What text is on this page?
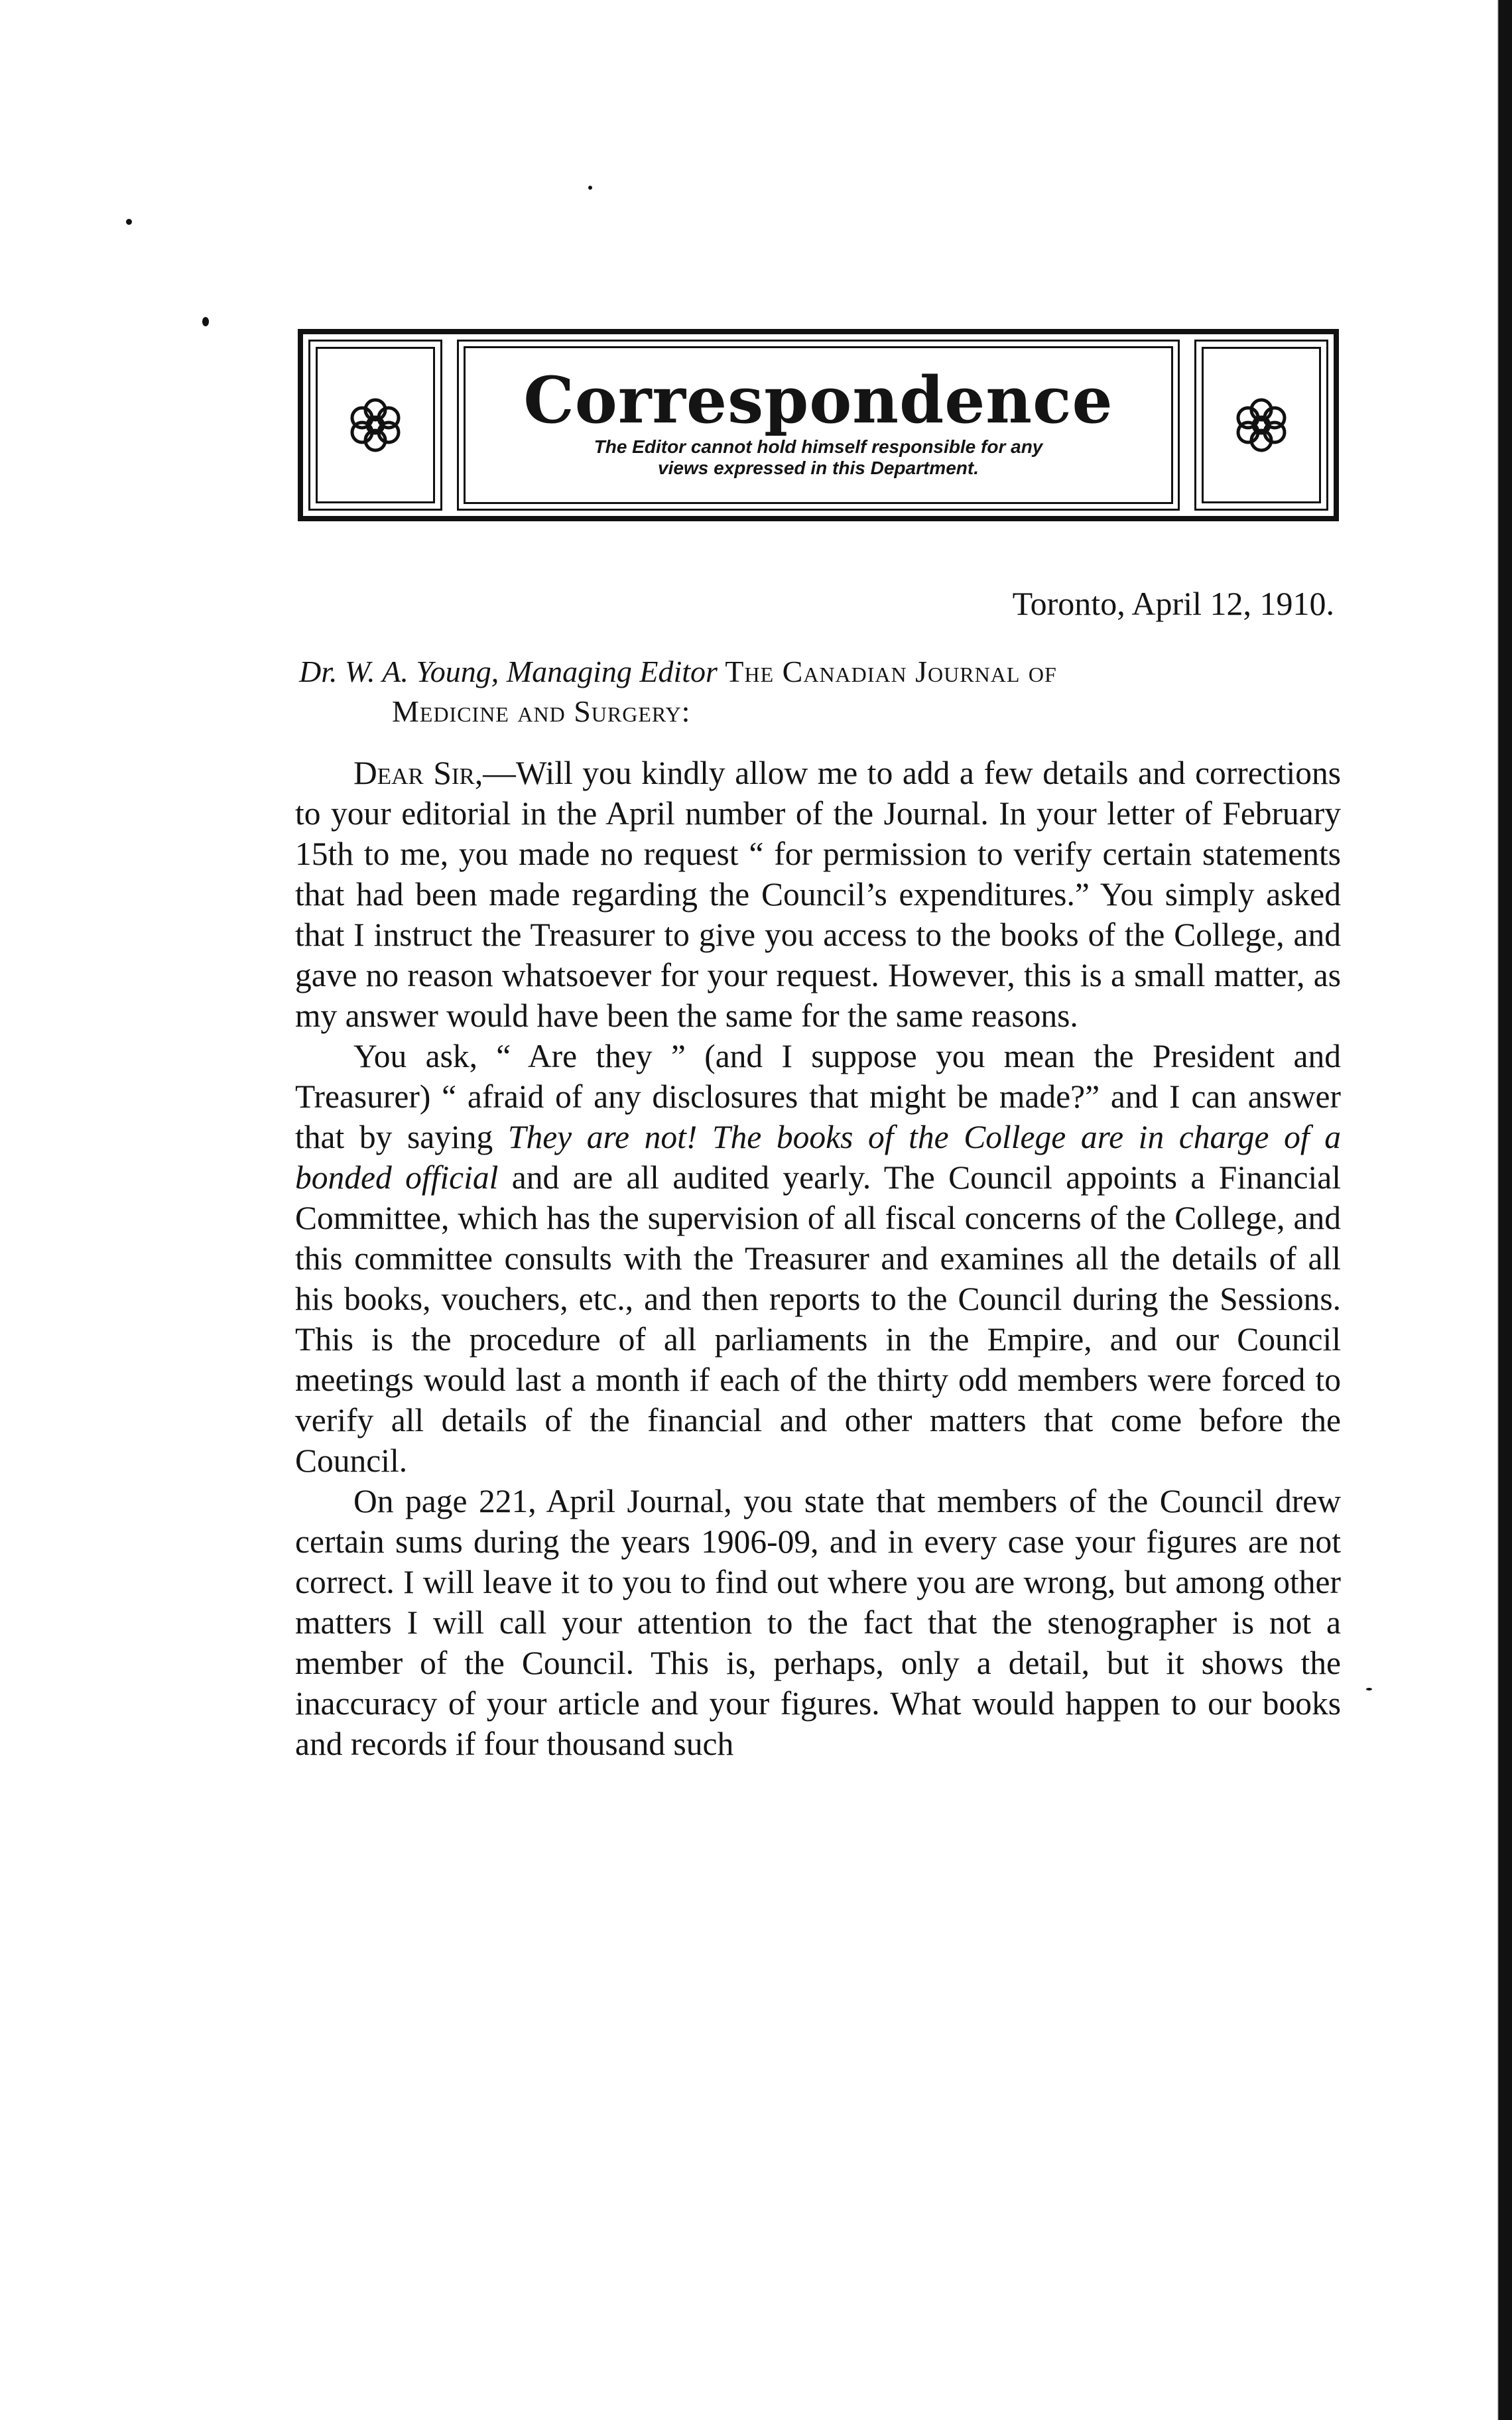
Correspondence
The Editor cannot hold himself responsible for any
views expressed in this Department.
Toronto, April 12, 1910.
Dr. W. A. Young, Managing Editor The Canadian Journal of
Medicine and Surgery:

Dear Sir,—Will you kindly allow me to add a few details and corrections to your editorial in the April number of the Journal. In your letter of February 15th to me, you made no request “ for permission to verify certain statements that had been made regarding the Council’s expenditures.” You simply asked that I instruct the Treasurer to give you access to the books of the College, and gave no reason whatsoever for your request. However, this is a small matter, as my answer would have been the same for the same reasons.

You ask, “ Are they ” (and I suppose you mean the President and Treasurer) “ afraid of any disclosures that might be made?” and I can answer that by saying They are not! The books of the College are in charge of a bonded official and are all audited yearly. The Council appoints a Financial Committee, which has the supervision of all fiscal concerns of the College, and this committee consults with the Treasurer and examines all the details of all his books, vouchers, etc., and then reports to the Council during the Sessions. This is the procedure of all parliaments in the Empire, and our Council meetings would last a month if each of the thirty odd members were forced to verify all details of the financial and other matters that come before the Council.

On page 221, April Journal, you state that members of the Council drew certain sums during the years 1906-09, and in every case your figures are not correct. I will leave it to you to find out where you are wrong, but among other matters I will call your attention to the fact that the stenographer is not a member of the Council. This is, perhaps, only a detail, but it shows the inaccuracy of your article and your figures. What would happen to our books and records if four thousand such
